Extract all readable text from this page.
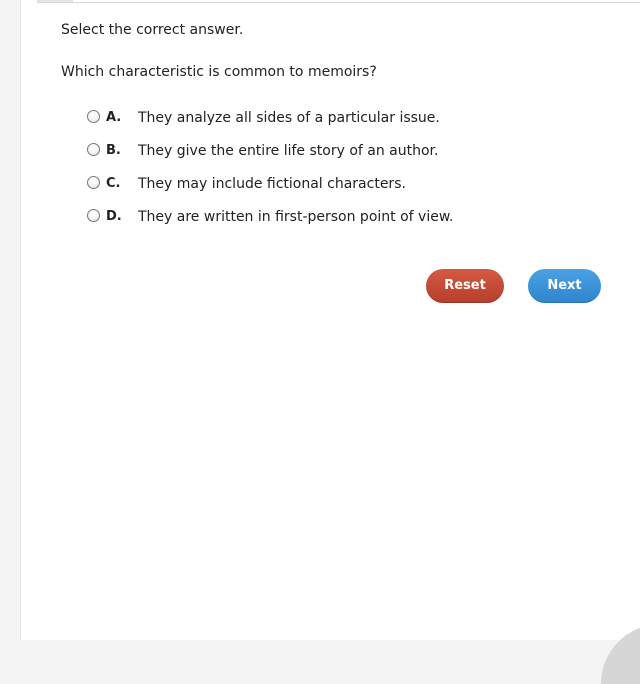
Select the correct answer.
Which characteristic is common to memoirs?
A. They analyze all sides of a particular issue.
B. They give the entire life story of an author.
C. They may include fictional characters.
D. They are written in first-person point of view.
Reset	Next
